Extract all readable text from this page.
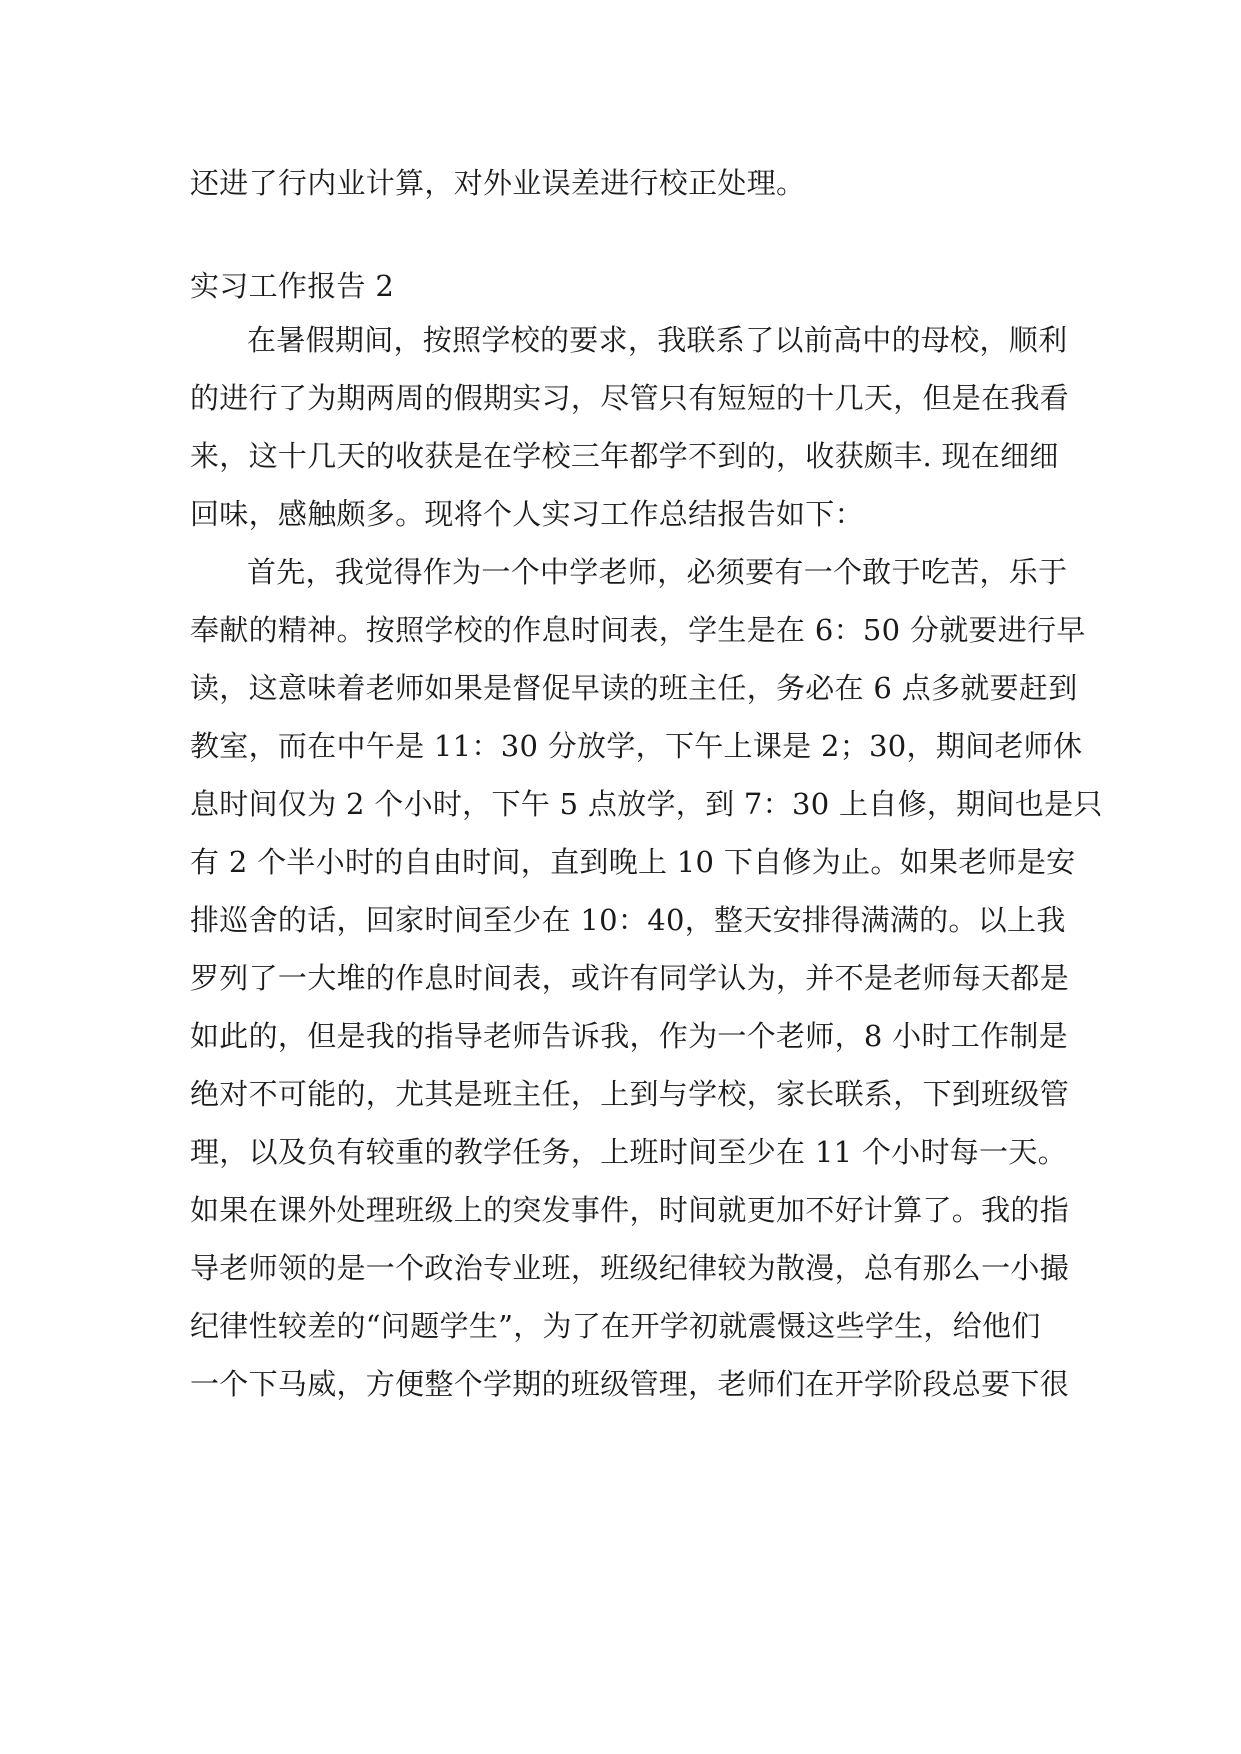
还进了行内业计算，对外业误差进行校正处理。
实习工作报告 2
在暑假期间，按照学校的要求，我联系了以前高中的母校，顺利
的进行了为期两周的假期实习，尽管只有短短的十几天，但是在我看
来，这十几天的收获是在学校三年都学不到的，收获颇丰. 现在细细
回味，感触颇多。现将个人实习工作总结报告如下：
首先，我觉得作为一个中学老师，必须要有一个敢于吃苦，乐于
奉献的精神。按照学校的作息时间表，学生是在 6：50 分就要进行早
读，这意味着老师如果是督促早读的班主任，务必在 6 点多就要赶到
教室，而在中午是 11：30 分放学，下午上课是 2；30，期间老师休
息时间仅为 2 个小时，下午 5 点放学，到 7：30 上自修，期间也是只
有 2 个半小时的自由时间，直到晚上 10 下自修为止。如果老师是安
排巡舍的话，回家时间至少在 10：40，整天安排得满满的。以上我
罗列了一大堆的作息时间表，或许有同学认为，并不是老师每天都是
如此的，但是我的指导老师告诉我，作为一个老师，8 小时工作制是
绝对不可能的，尤其是班主任，上到与学校，家长联系，下到班级管
理，以及负有较重的教学任务，上班时间至少在 11 个小时每一天。
如果在课外处理班级上的突发事件，时间就更加不好计算了。我的指
导老师领的是一个政治专业班，班级纪律较为散漫，总有那么一小撮
纪律性较差的“问题学生”，为了在开学初就震慑这些学生，给他们
一个下马威，方便整个学期的班级管理，老师们在开学阶段总要下很
